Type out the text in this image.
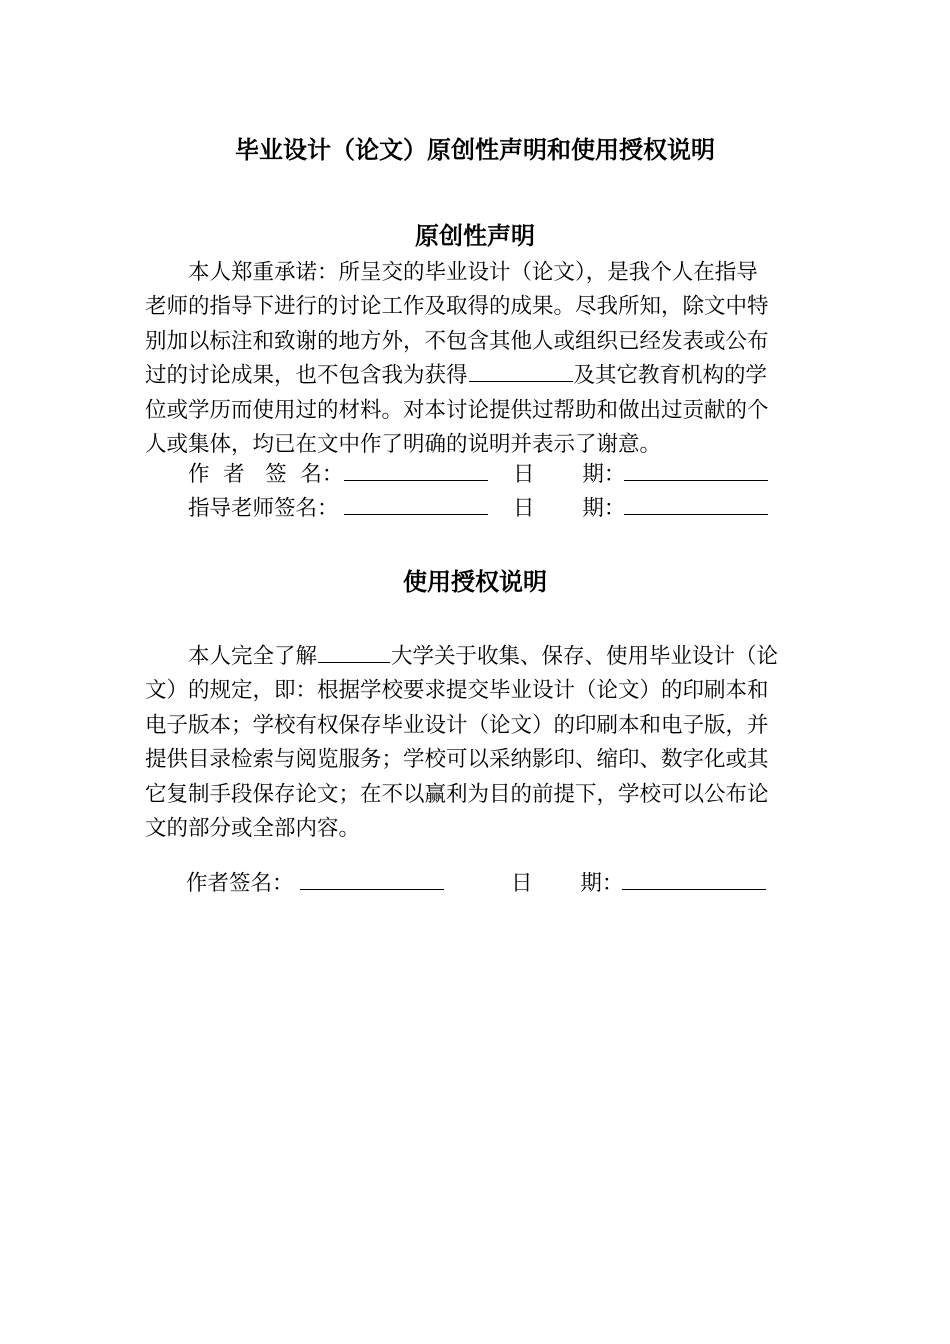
毕业设计（论文）原创性声明和使用授权说明
原创性声明
本人郑重承诺：所呈交的毕业设计（论文），是我个人在指导
老师的指导下进行的讨论工作及取得的成果。尽我所知，除文中特
别加以标注和致谢的地方外，不包含其他人或组织已经发表或公布
过的讨论成果，也不包含我为获得	及其它教育机构的学
位或学历而使用过的材料。对本讨论提供过帮助和做出过贡献的个
人或集体，均已在文中作了明确的说明并表示了谢意。
作  者   签  名：	日       期：
指导老师签名：	日       期：
使用授权说明
本人完全了解	大学关于收集、保存、使用毕业设计（论
文）的规定，即：根据学校要求提交毕业设计（论文）的印刷本和
电子版本；学校有权保存毕业设计（论文）的印刷本和电子版，并
提供目录检索与阅览服务；学校可以采纳影印、缩印、数字化或其
它复制手段保存论文；在不以赢利为目的前提下，学校可以公布论
文的部分或全部内容。
作者签名：	日       期：
